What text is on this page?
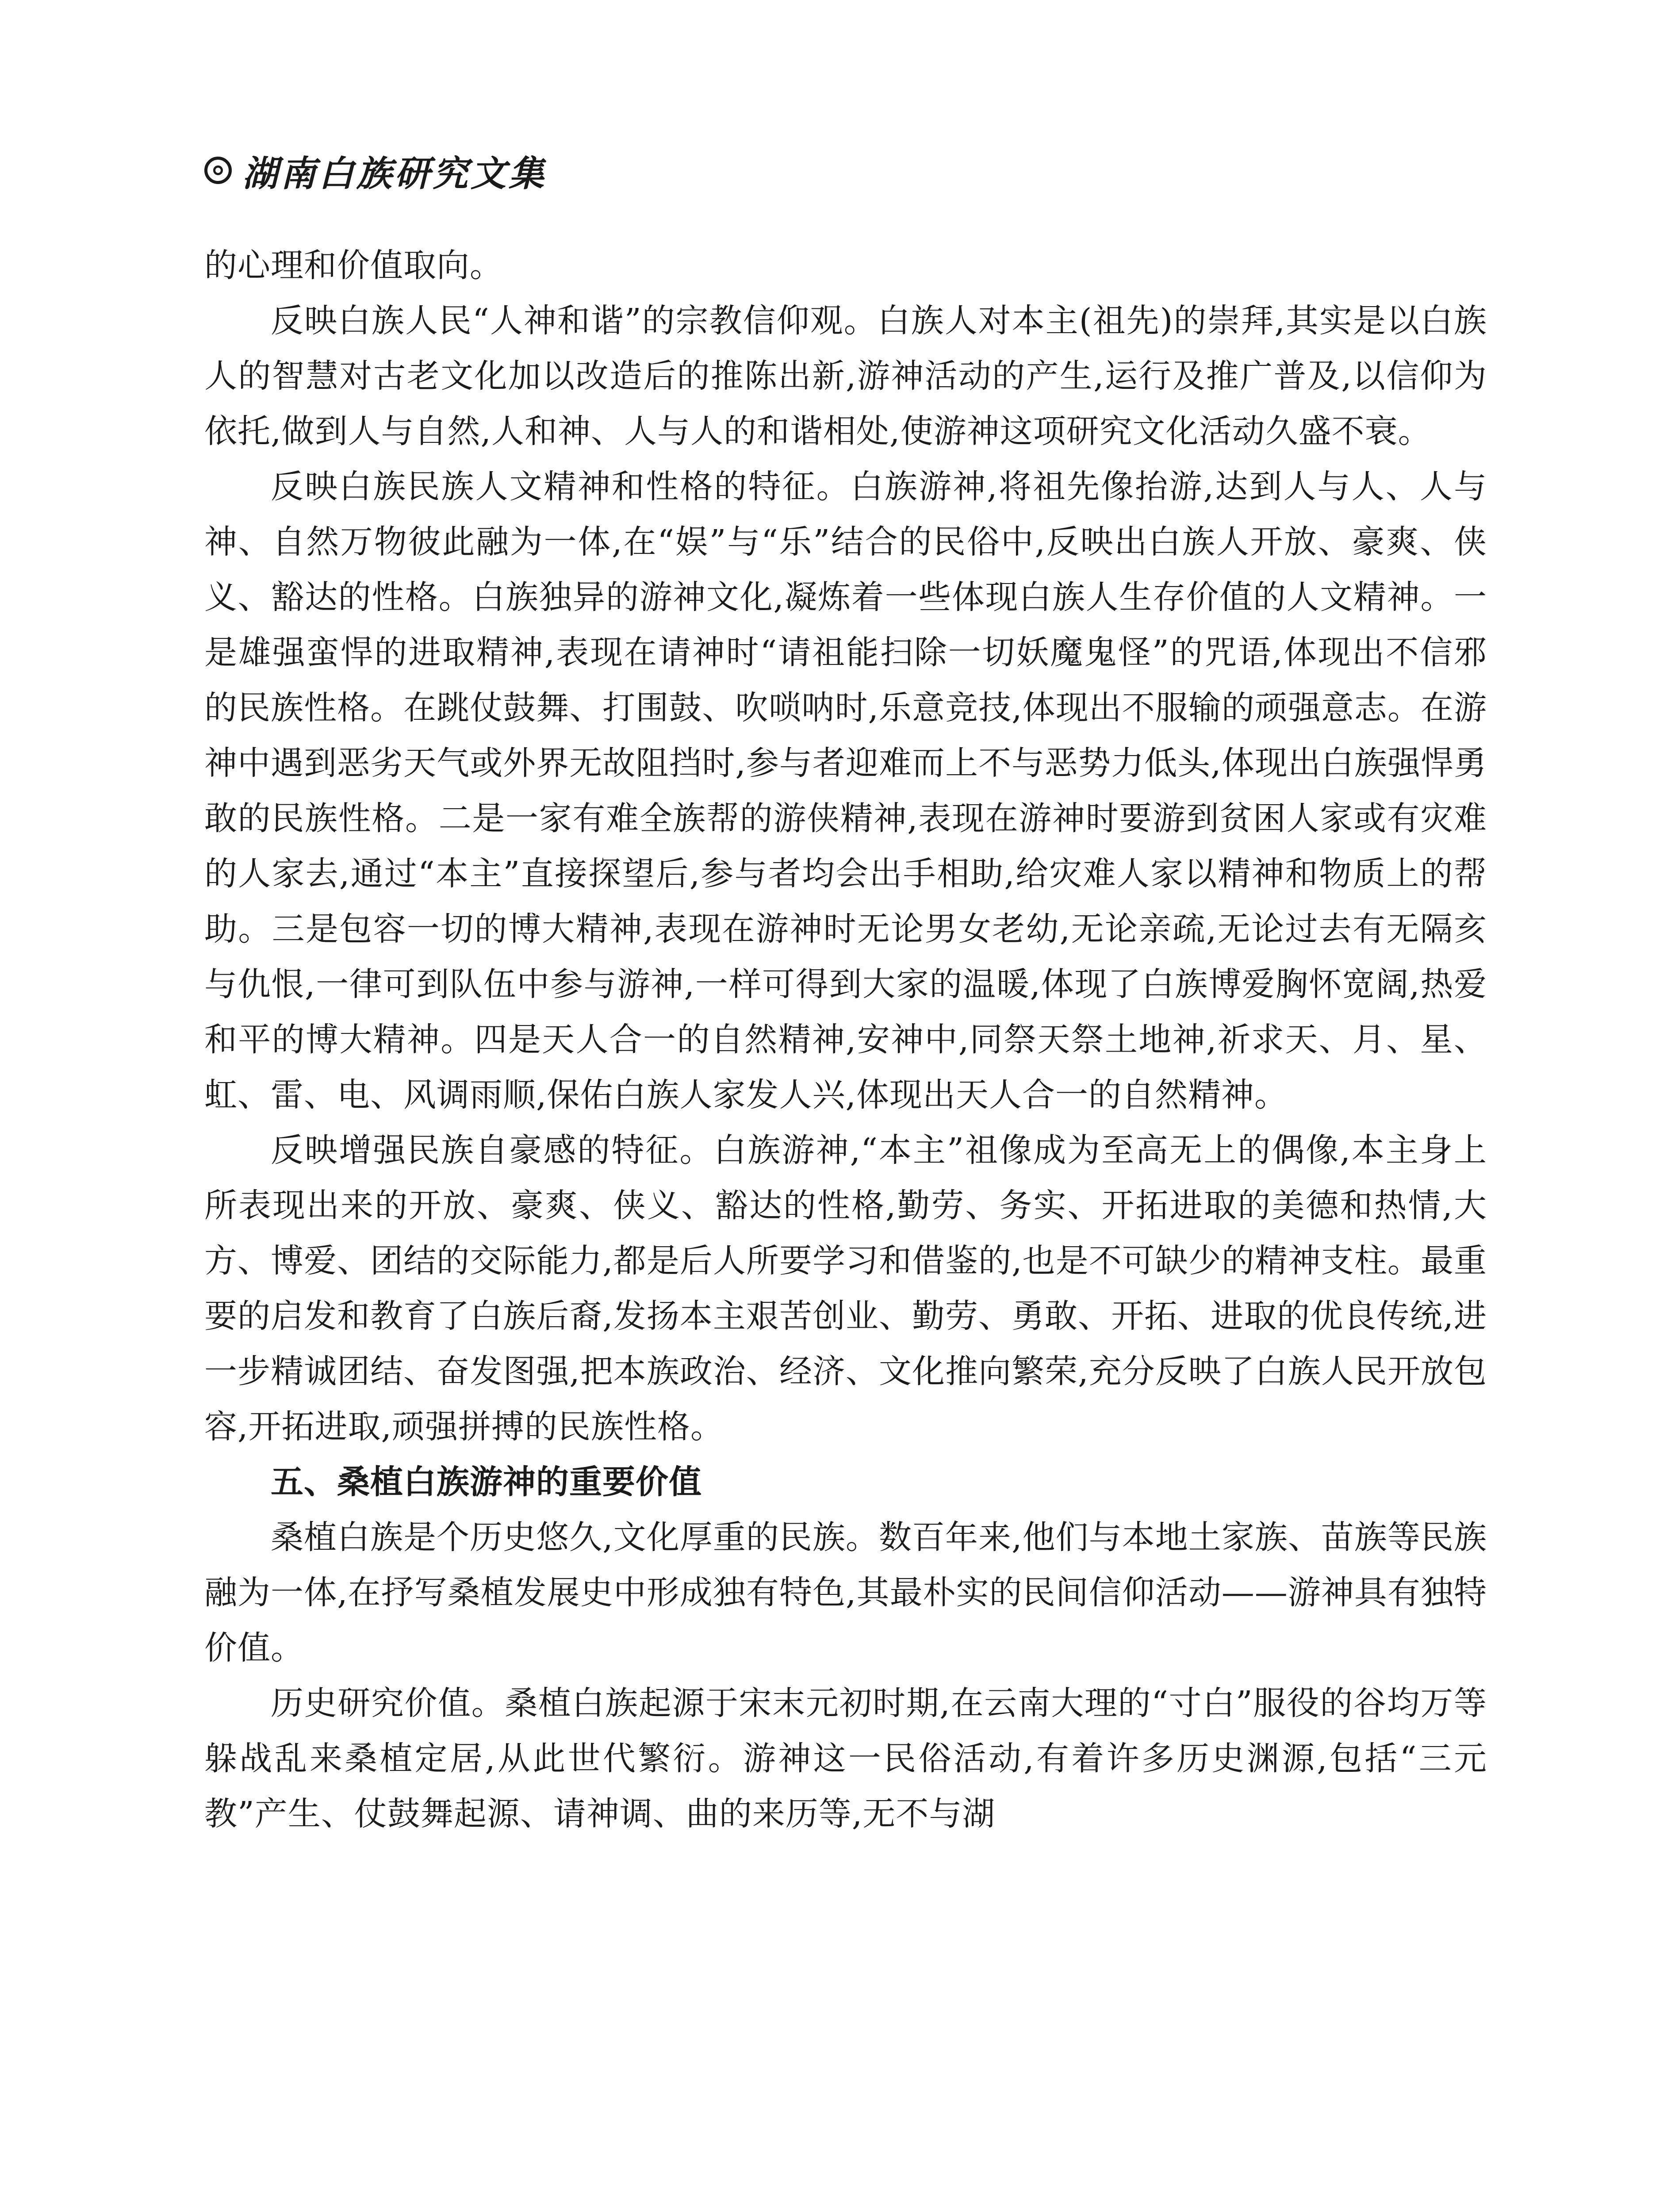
湖南白族研究文集

的心理和价值取向。

反映白族人民“人神和谐”的宗教信仰观。白族人对本主(祖先)的崇拜,其实是以白族人的智慧对古老文化加以改造后的推陈出新,游神活动的产生,运行及推广普及,以信仰为依托,做到人与自然,人和神、人与人的和谐相处,使游神这项研究文化活动久盛不衰。

反映白族民族人文精神和性格的特征。白族游神,将祖先像抬游,达到人与人、人与神、自然万物彼此融为一体,在“娱”与“乐”结合的民俗中,反映出白族人开放、豪爽、侠义、豁达的性格。白族独异的游神文化,凝炼着一些体现白族人生存价值的人文精神。一是雄强蛮悍的进取精神,表现在请神时“请祖能扫除一切妖魔鬼怪”的咒语,体现出不信邪的民族性格。在跳仗鼓舞、打围鼓、吹唢呐时,乐意竞技,体现出不服输的顽强意志。在游神中遇到恶劣天气或外界无故阻挡时,参与者迎难而上不与恶势力低头,体现出白族强悍勇敢的民族性格。二是一家有难全族帮的游侠精神,表现在游神时要游到贫困人家或有灾难的人家去,通过“本主”直接探望后,参与者均会出手相助,给灾难人家以精神和物质上的帮助。三是包容一切的博大精神,表现在游神时无论男女老幼,无论亲疏,无论过去有无隔亥与仇恨,一律可到队伍中参与游神,一样可得到大家的温暖,体现了白族博爱胸怀宽阔,热爱和平的博大精神。四是天人合一的自然精神,安神中,同祭天祭土地神,祈求天、月、星、虹、雷、电、风调雨顺,保佑白族人家发人兴,体现出天人合一的自然精神。

反映增强民族自豪感的特征。白族游神,“本主”祖像成为至高无上的偶像,本主身上所表现出来的开放、豪爽、侠义、豁达的性格,勤劳、务实、开拓进取的美德和热情,大方、博爱、团结的交际能力,都是后人所要学习和借鉴的,也是不可缺少的精神支柱。最重要的启发和教育了白族后裔,发扬本主艰苦创业、勤劳、勇敢、开拓、进取的优良传统,进一步精诚团结、奋发图强,把本族政治、经济、文化推向繁荣,充分反映了白族人民开放包容,开拓进取,顽强拼搏的民族性格。

五、桑植白族游神的重要价值

桑植白族是个历史悠久,文化厚重的民族。数百年来,他们与本地土家族、苗族等民族融为一体,在抒写桑植发展史中形成独有特色,其最朴实的民间信仰活动——游神具有独特价值。

历史研究价值。桑植白族起源于宋末元初时期,在云南大理的“寸白”服役的谷均万等躲战乱来桑植定居,从此世代繁衍。游神这一民俗活动,有着许多历史渊源,包括“三元教”产生、仗鼓舞起源、请神调、曲的来历等,无不与湖
